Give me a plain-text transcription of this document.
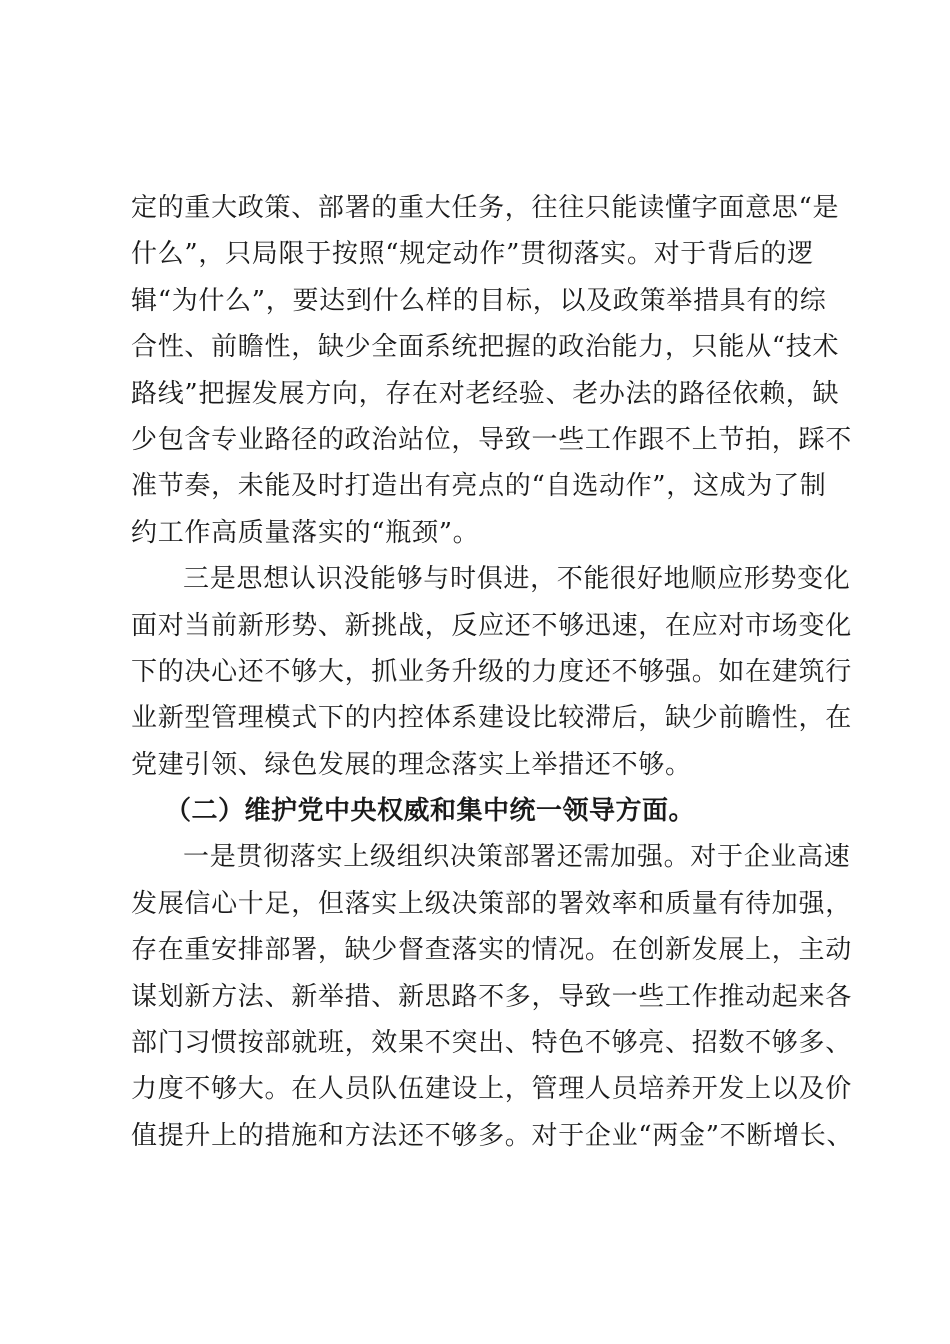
定的重大政策、部署的重大任务，往往只能读懂字面意思“是
什么”，只局限于按照“规定动作”贯彻落实。对于背后的逻
辑“为什么”，要达到什么样的目标，以及政策举措具有的综
合性、前瞻性，缺少全面系统把握的政治能力，只能从“技术
路线”把握发展方向，存在对老经验、老办法的路径依赖，缺
少包含专业路径的政治站位，导致一些工作跟不上节拍，踩不
准节奏，未能及时打造出有亮点的“自选动作”，这成为了制
约工作高质量落实的“瓶颈”。
三是思想认识没能够与时俱进，不能很好地顺应形势变化
面对当前新形势、新挑战，反应还不够迅速，在应对市场变化
下的决心还不够大，抓业务升级的力度还不够强。如在建筑行
业新型管理模式下的内控体系建设比较滞后，缺少前瞻性，在
党建引领、绿色发展的理念落实上举措还不够。
（二）维护党中央权威和集中统一领导方面。
一是贯彻落实上级组织决策部署还需加强。对于企业高速
发展信心十足，但落实上级决策部的署效率和质量有待加强，
存在重安排部署，缺少督查落实的情况。在创新发展上，主动
谋划新方法、新举措、新思路不多，导致一些工作推动起来各
部门习惯按部就班，效果不突出、特色不够亮、招数不够多、
力度不够大。在人员队伍建设上，管理人员培养开发上以及价
值提升上的措施和方法还不够多。对于企业“两金”不断增长、
